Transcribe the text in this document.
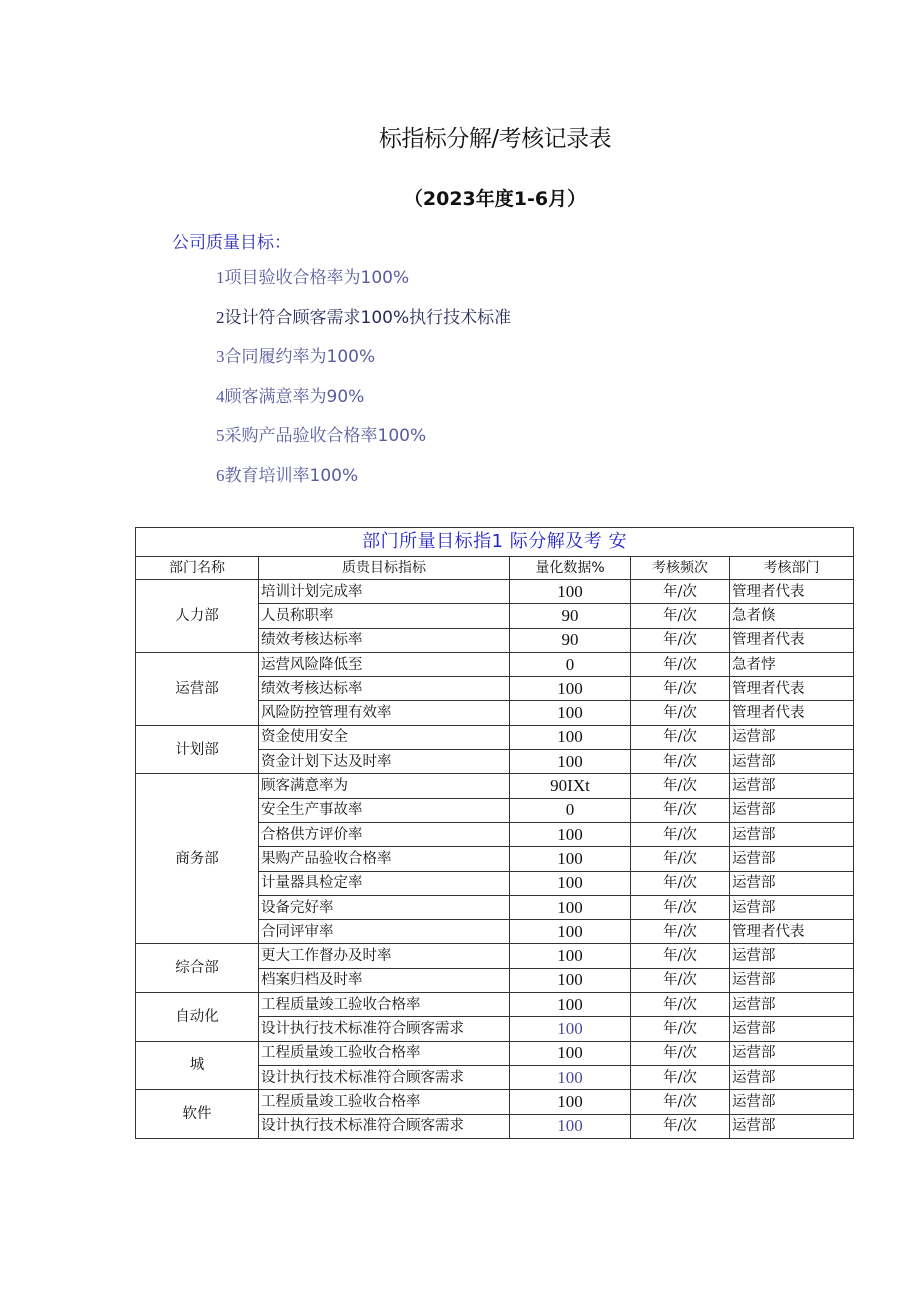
标指标分解/考核记录表
（2023年度1-6月）
公司质量目标：
1项目验收合格率为100%
2设计符合顾客需求100%执行技术标准
3合同履约率为100%
4顾客满意率为90%
5采购产品验收合格率100%
6教育培训率100%
部门所量目标指1 际分解及考 安				
部门名称	质贵目标指标	量化数据%	考核频次	考核部门
人力部	培训计划完成率	100	年/次	管理者代表
	人员称职率	90	年/次	急者倏
	绩效考核达标率	90	年/次	管理者代表
运营部	运营风险降低至	0	年/次	急者悖
	绩效考核达标率	100	年/次	管理者代表
	风险防控管理有效率	100	年/次	管理者代表
计划部	资金使用安全	100	年/次	运营部
	资金计划下达及时率	100	年/次	运营部
商务部	顾客满意率为	90IXt	年/次	运营部
	安全生产事故率	0	年/次	运营部
	合格供方评价率	100	年/次	运营部
	果购产品验收合格率	100	年/次	运营部
	计量器具检定率	100	年/次	运营部
	设备完好率	100	年/次	运营部
	合同评审率	100	年/次	管理者代表
综合部	更大工作督办及时率	100	年/次	运营部
	档案归档及时率	100	年/次	运营部
自动化	工程质量竣工验收合格率	100	年/次	运营部
	设计执行技术标准符合顾客需求	100	年/次	运营部
城	工程质量竣工验收合格率	100	年/次	运营部
	设计执行技术标准符合顾客需求	100	年/次	运营部
软件	工程质量竣工验收合格率	100	年/次	运营部
	设计执行技术标准符合顾客需求	100	年/次	运营部
